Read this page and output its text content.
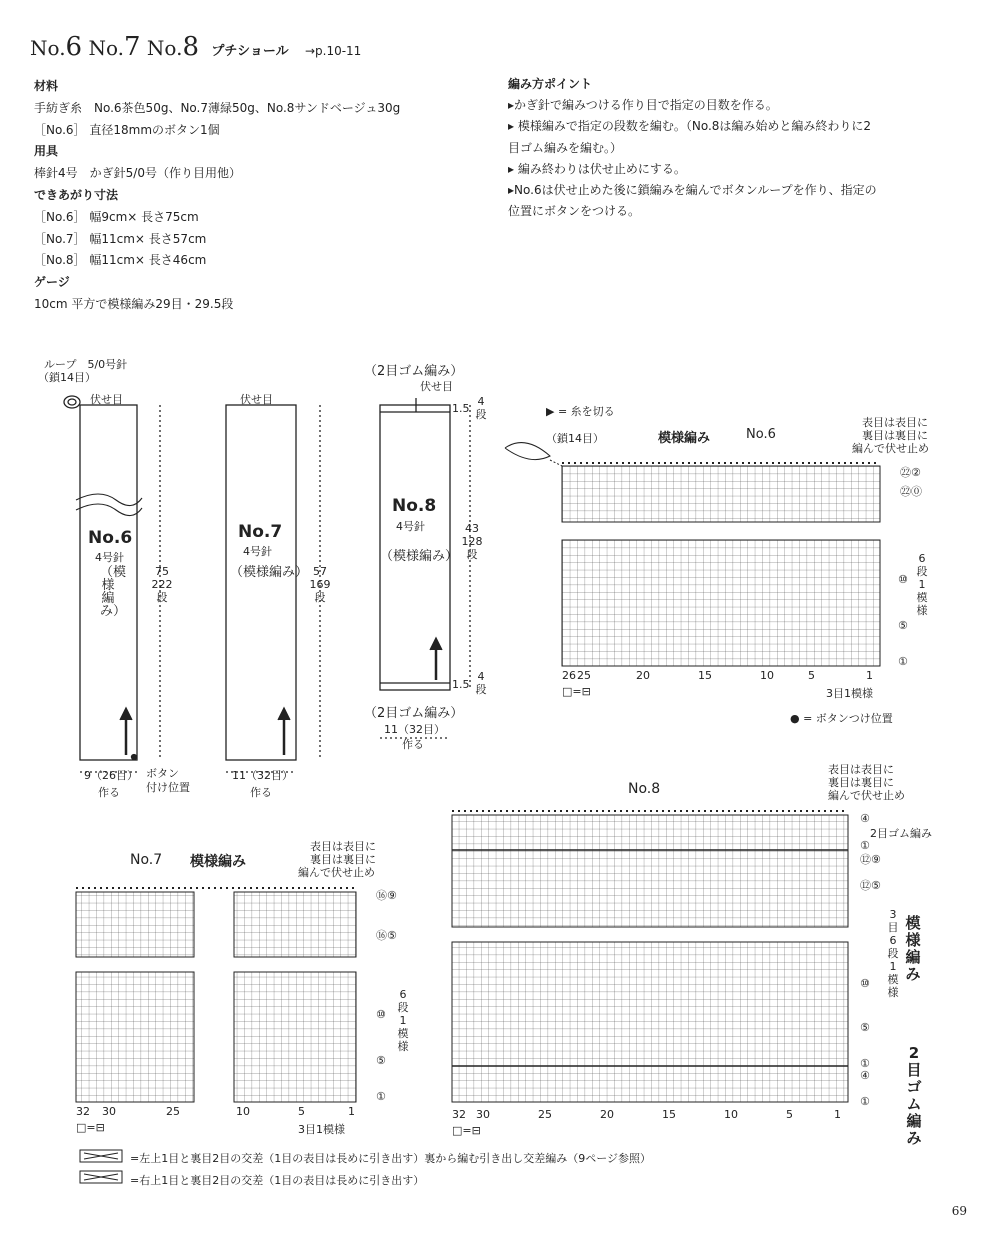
No.6 No.7 No.8 プチショール →p.10-11
材料
手紡ぎ糸　No.6茶色50g、No.7薄緑50g、No.8サンドベージュ30g
［No.6］ 直径18mmのボタン1個
用具
棒針4号　かぎ針5/0号（作り目用他）
できあがり寸法
［No.6］ 幅9cm× 長さ75cm
［No.7］ 幅11cm× 長さ57cm
［No.8］ 幅11cm× 長さ46cm
ゲージ
10cm 平方で模様編み29目・29.5段
編み方ポイント
▸かぎ針で編みつける作り目で指定の目数を作る。
▸ 模様編みで指定の段数を編む。（No.8は編み始めと編み終わりに2
目ゴム編みを編む。）
▸ 編み終わりは伏せ止めにする。
▸No.6は伏せ止めた後に鎖編みを編んでボタンループを作り、指定の
位置にボタンをつける。
ループ　5/0号針
（鎖14目）
伏せ目
No.6
4号針
（模様編み）
75
222
段
9（26目）
作る
ボタン
付け位置
伏せ目
No.7
4号針
（模様編み） 57
169
段
11（32目）
作る
（2目ゴム編み）
伏せ目
No.8
4号針
（模様編み）
1.5
4
段
43
128
段
1.5
4
段
（2目ゴム編み）
11（32目）
作る
▶ = 糸を切る
（鎖14目）	模様編み	No.6
表目は表目に
裏目は裏目に
編んで伏せ止め
㉒②
㉒⓪
6
段
1
模
様
⑩
⑤
①
26 25	20	15	10	5	1
□=⊟	3目1模様
● = ボタンつけ位置
No.8
表目は表目に
裏目は裏目に
編んで伏せ止め
④
2目ゴム編み
①
⑫⑨
⑫⑤
模様編み
3目6段1模様
⑩
⑤
①
④
2目ゴム編み
①
32 30	25	20	15	10	5	1
□=⊟
No.7 模様編み
表目は表目に
裏目は裏目に
編んで伏せ止め
⑯⑨
⑯⑤
6
段
1
模
様
⑩
⑤
①
32 30	25	10	5	1
□=⊟	3目1模様
=左上1目と裏目2目の交差（1目の表目は長めに引き出す）裏から編む引き出し交差編み（9ページ参照）
=右上1目と裏目2目の交差（1目の表目は長めに引き出す）
69
